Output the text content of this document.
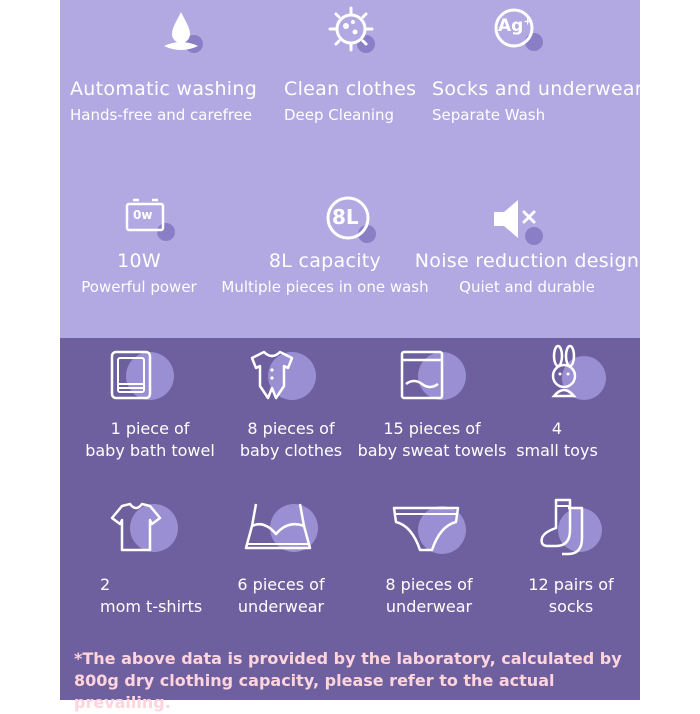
Ag+
Automatic washing
Hands-free and carefree
Clean clothes
Deep Cleaning
Socks and underwear
Separate Wash
0w	8L
10W
Powerful power
8L capacity
Multiple pieces in one wash
Noise reduction design
Quiet and durable
1 piece of
baby bath towel
8 pieces of
baby clothes
15 pieces of
baby sweat towels
4
small toys
2
mom t-shirts
6 pieces of
underwear
8 pieces of
underwear
12 pairs of
socks
*The above data is provided by the laboratory, calculated by 800g dry clothing capacity, please refer to the actual prevailing.
